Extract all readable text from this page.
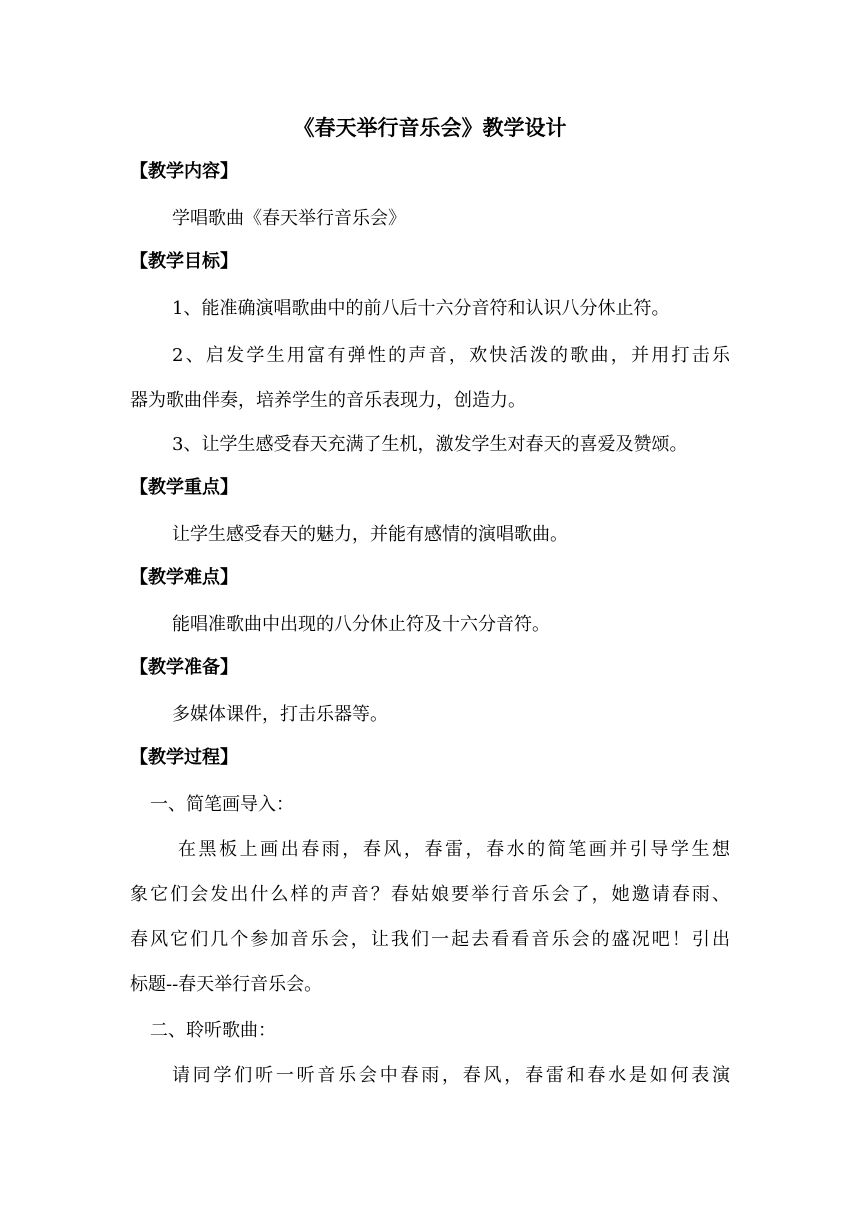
《春天举行音乐会》教学设计
【教学内容】
学唱歌曲《春天举行音乐会》
【教学目标】
1、能准确演唱歌曲中的前八后十六分音符和认识八分休止符。
2、启发学生用富有弹性的声音，欢快活泼的歌曲，并用打击乐
器为歌曲伴奏，培养学生的音乐表现力，创造力。
3、让学生感受春天充满了生机，激发学生对春天的喜爱及赞颂。
【教学重点】
让学生感受春天的魅力，并能有感情的演唱歌曲。
【教学难点】
能唱准歌曲中出现的八分休止符及十六分音符。
【教学准备】
多媒体课件，打击乐器等。
【教学过程】
一、简笔画导入：
在黑板上画出春雨，春风，春雷，春水的简笔画并引导学生想
象它们会发出什么样的声音？春姑娘要举行音乐会了，她邀请春雨、
春风它们几个参加音乐会，让我们一起去看看音乐会的盛况吧！引出
标题--春天举行音乐会。
二、聆听歌曲：
请同学们听一听音乐会中春雨，春风，春雷和春水是如何表演
